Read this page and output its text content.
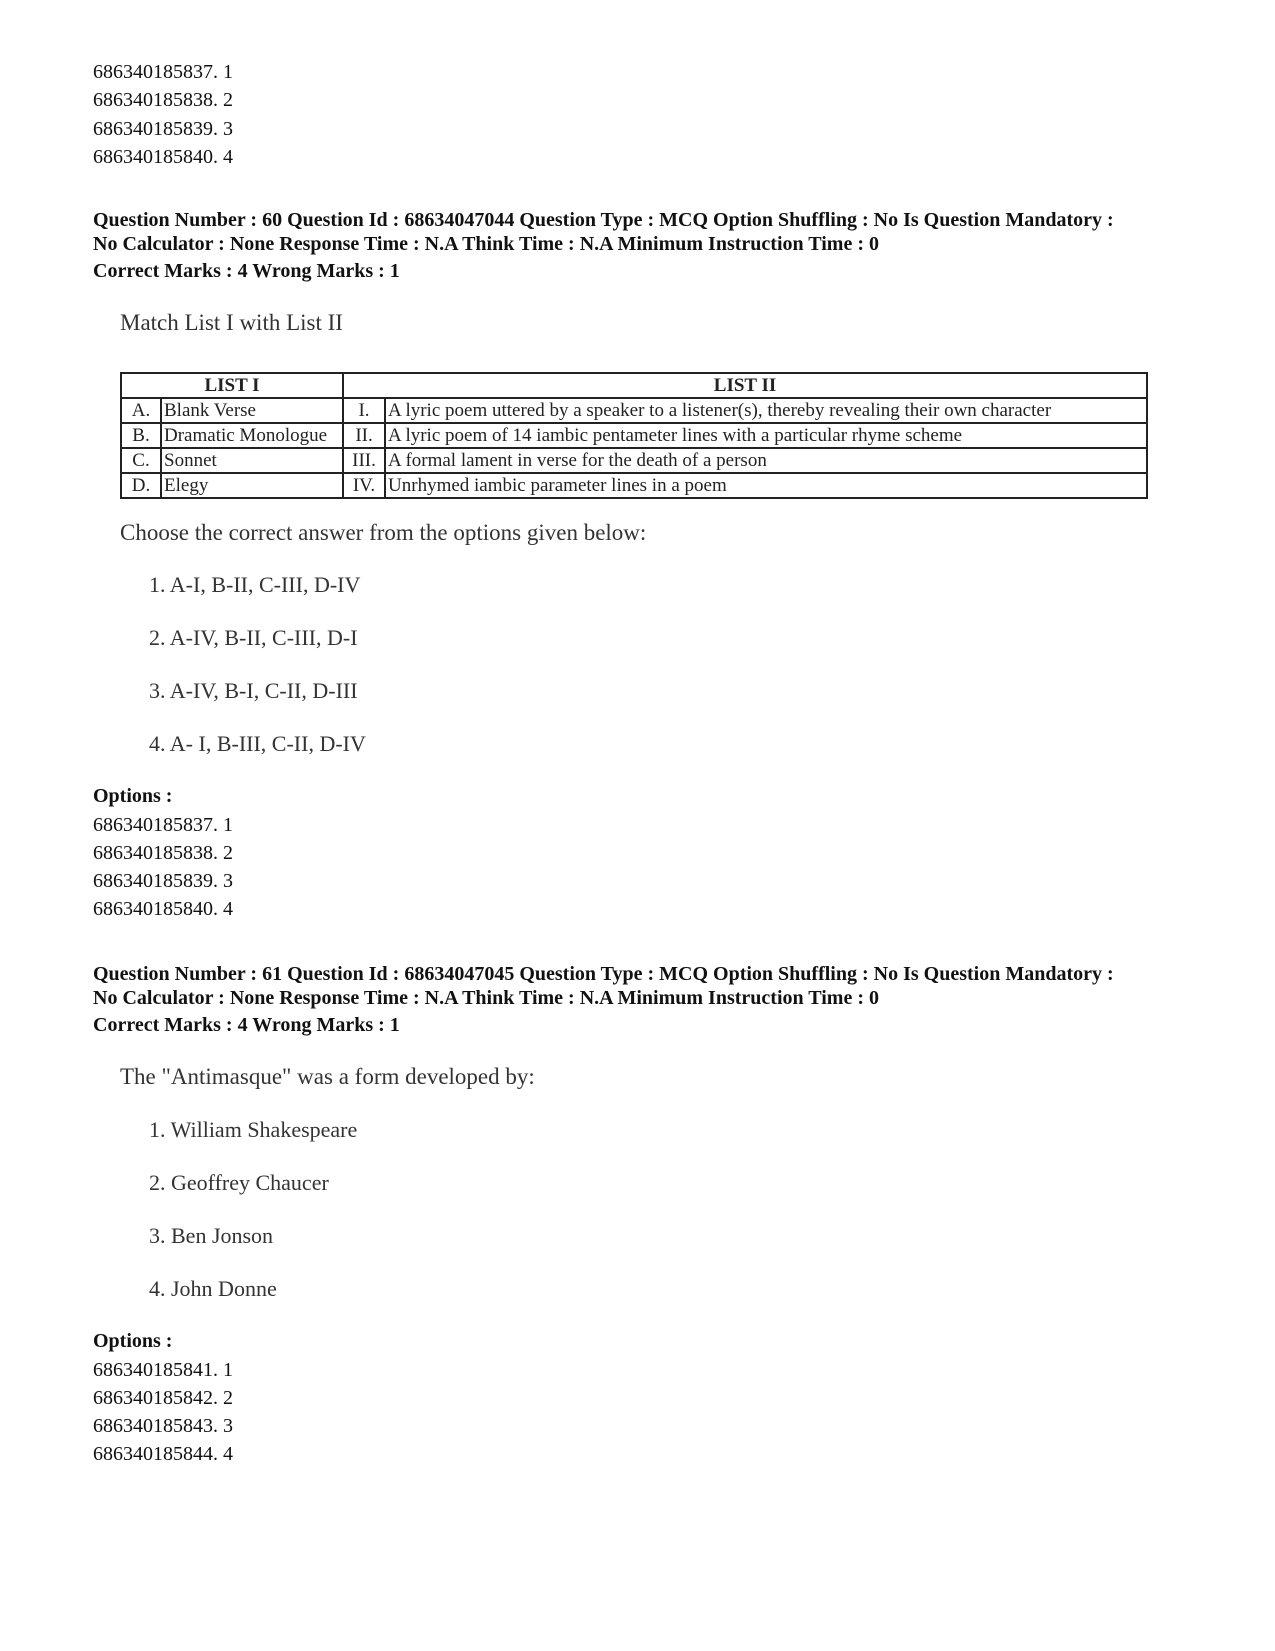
686340185837. 1
686340185838. 2
686340185839. 3
686340185840. 4
Question Number : 60 Question Id : 68634047044 Question Type : MCQ Option Shuffling : No Is Question Mandatory :
No Calculator : None Response Time : N.A Think Time : N.A Minimum Instruction Time : 0
Correct Marks : 4 Wrong Marks : 1
Match List I with List II
LIST I		LIST II	
A.	Blank Verse	I.	A lyric poem uttered by a speaker to a listener(s), thereby revealing their own character
B.	Dramatic Monologue	II.	A lyric poem of 14 iambic pentameter lines with a particular rhyme scheme
C.	Sonnet	III.	A formal lament in verse for the death of a person
D.	Elegy	IV.	Unrhymed iambic parameter lines in a poem
Choose the correct answer from the options given below:
1. A-I, B-II, C-III, D-IV
2. A-IV, B-II, C-III, D-I
3. A-IV, B-I, C-II, D-III
4. A- I, B-III, C-II, D-IV
Options :
686340185837. 1
686340185838. 2
686340185839. 3
686340185840. 4
Question Number : 61 Question Id : 68634047045 Question Type : MCQ Option Shuffling : No Is Question Mandatory :
No Calculator : None Response Time : N.A Think Time : N.A Minimum Instruction Time : 0
Correct Marks : 4 Wrong Marks : 1
The "Antimasque" was a form developed by:
1. William Shakespeare
2. Geoffrey Chaucer
3. Ben Jonson
4. John Donne
Options :
686340185841. 1
686340185842. 2
686340185843. 3
686340185844. 4
